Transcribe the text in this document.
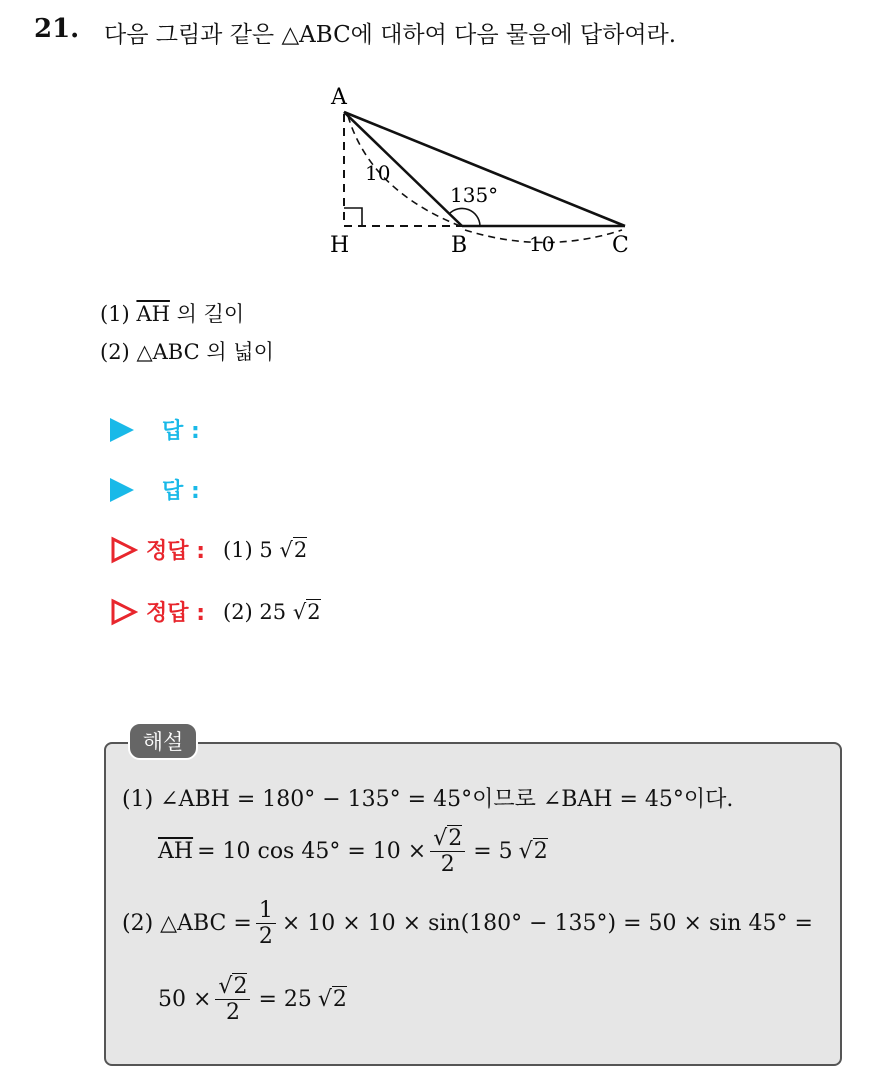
21. 다음 그림과 같은 △ABC에 대하여 다음 물음에 답하여라.
A
H	B	C
10
135°
10
(1) $\overline{AH}$ 의 길이
(2) △ABC 의 넓이
답 :
답 :
정답 : (1) 5 √2
정답 : (2) 25 √2
해설
(1) ∠ABH = 180° − 135° = 45°이므로 ∠BAH = 45°이다.
$\overline{AH} = 10$ $\cos 45^\circ = 10 \times \frac{√2}{2} = 5$ √2
(2) △ABC = $\frac{1}{2} \times 10 \times 10 \times \sin(180^\circ - 135^\circ) = 50 \times \sin 45^\circ$ =
$50 \times \frac{√2}{2} = 25$ √2
